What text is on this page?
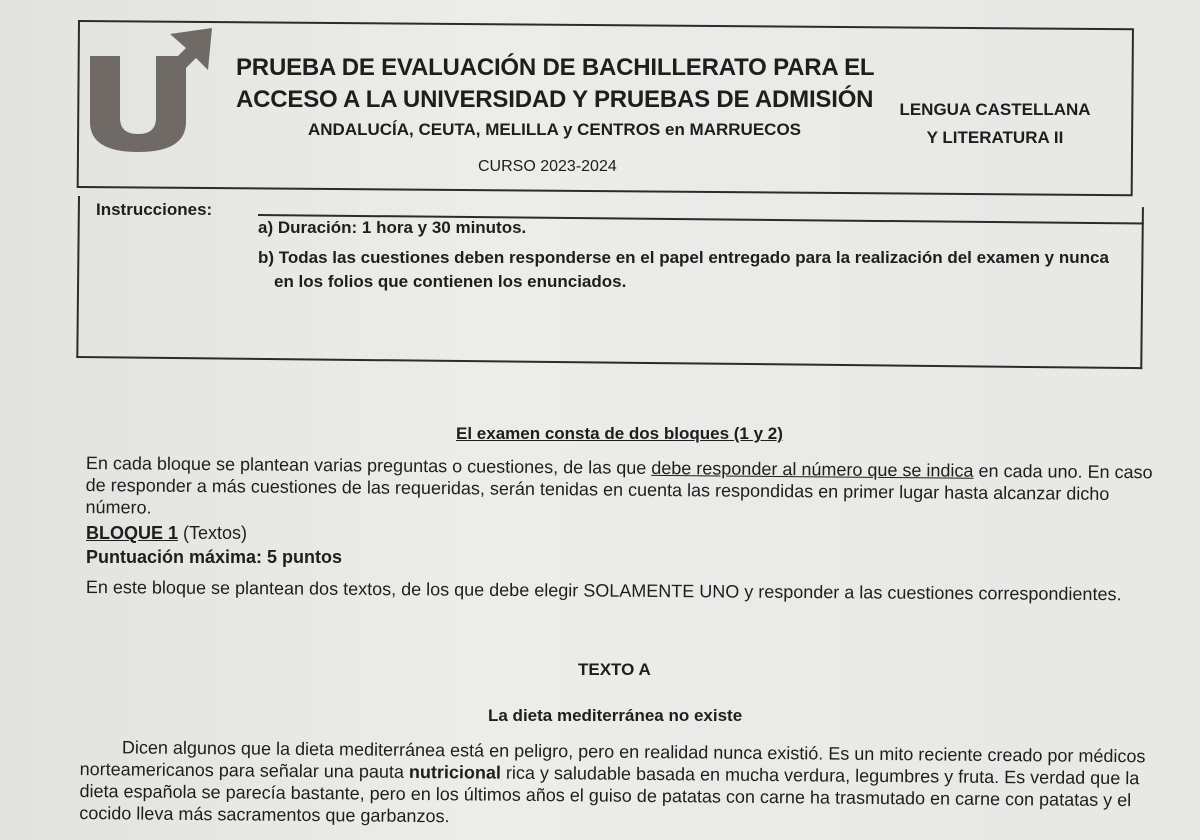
PRUEBA DE EVALUACIÓN DE BACHILLERATO PARA EL
ACCESO A LA UNIVERSIDAD Y PRUEBAS DE ADMISIÓN
ANDALUCÍA, CEUTA, MELILLA y CENTROS en MARRUECOS
CURSO 2023-2024
LENGUA CASTELLANA
Y LITERATURA II
Instrucciones:
a) Duración: 1 hora y 30 minutos.
b) Todas las cuestiones deben responderse en el papel entregado para la realización del examen y nunca
en los folios que contienen los enunciados.
El examen consta de dos bloques (1 y 2)
En cada bloque se plantean varias preguntas o cuestiones, de las que debe responder al número que se indica en cada uno. En caso de responder a más cuestiones de las requeridas, serán tenidas en cuenta las respondidas en primer lugar hasta alcanzar dicho número.
BLOQUE 1 (Textos)
Puntuación máxima: 5 puntos
En este bloque se plantean dos textos, de los que debe elegir SOLAMENTE UNO y responder a las cuestiones correspondientes.
TEXTO A
La dieta mediterránea no existe
Dicen algunos que la dieta mediterránea está en peligro, pero en realidad nunca existió. Es un mito reciente creado por médicos norteamericanos para señalar una pauta nutricional rica y saludable basada en mucha verdura, legumbres y fruta. Es verdad que la dieta española se parecía bastante, pero en los últimos años el guiso de patatas con carne ha trasmutado en carne con patatas y el cocido lleva más sacramentos que garbanzos.
